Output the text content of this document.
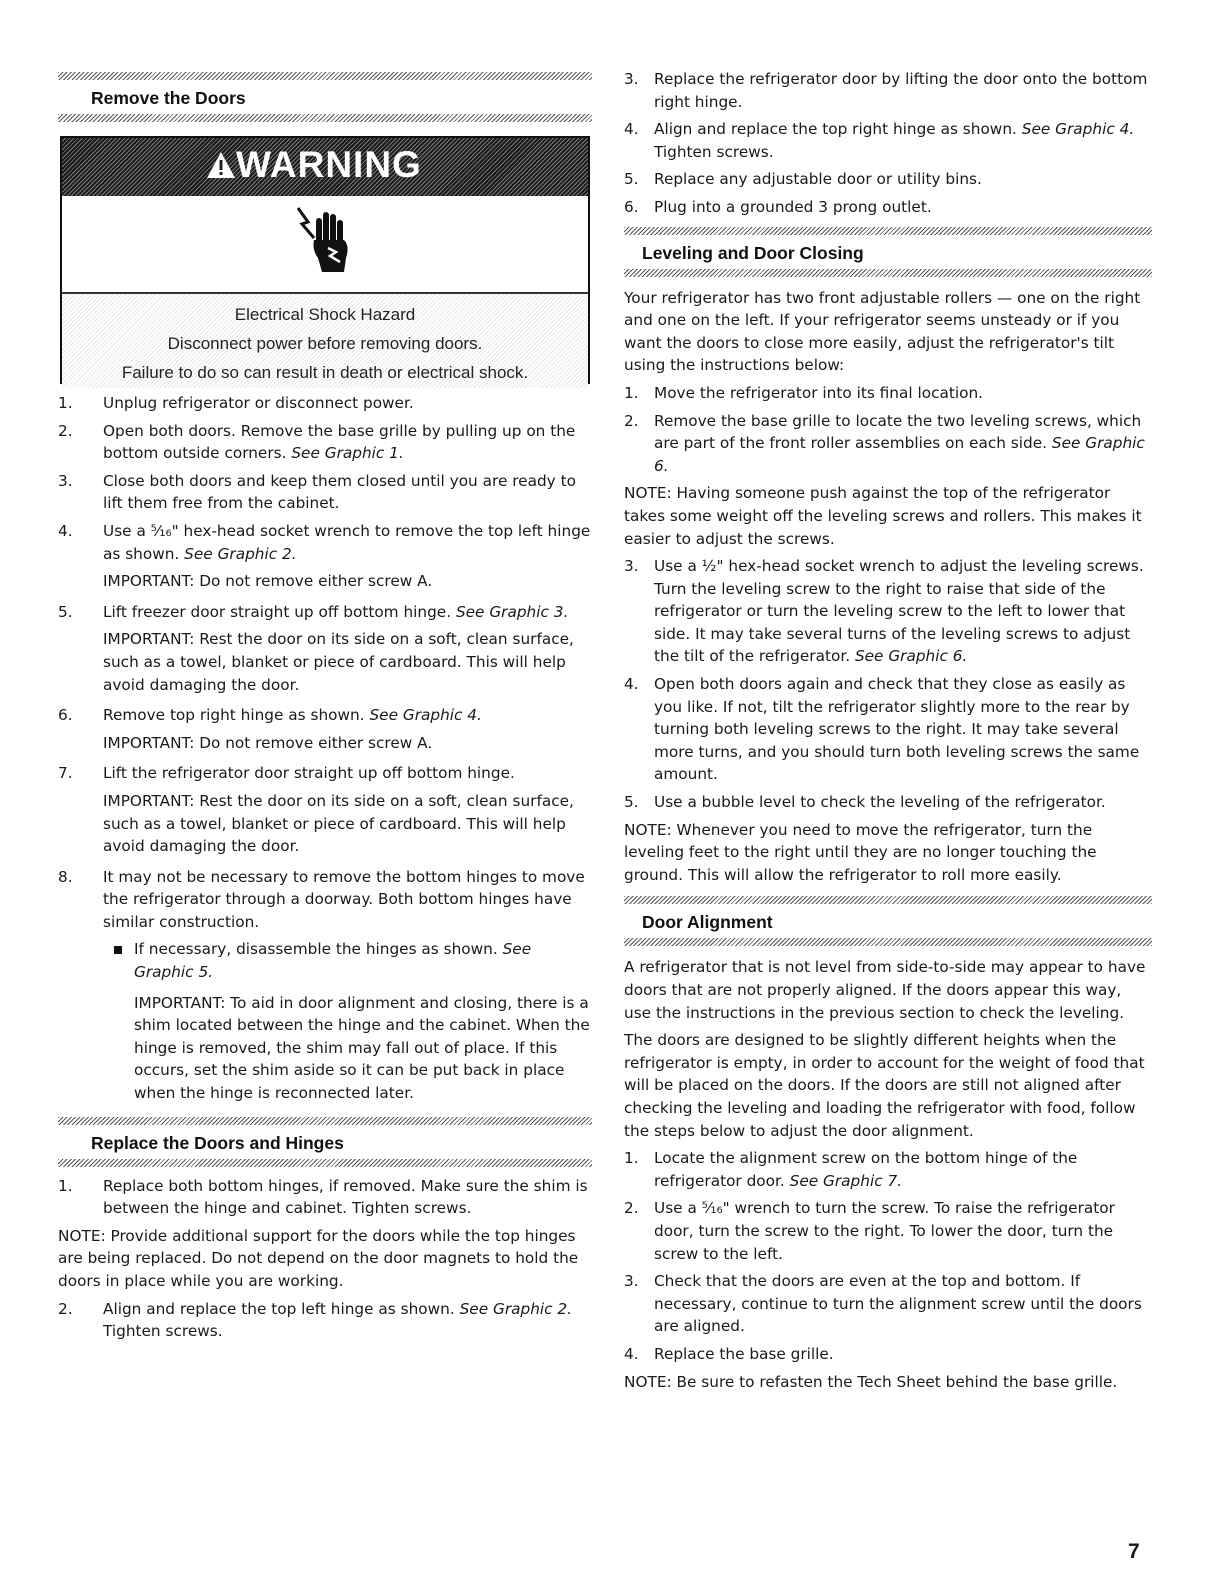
Remove the Doors
WARNING
Electrical Shock Hazard
Disconnect power before removing doors.
Failure to do so can result in death or electrical shock.
1.	Unplug refrigerator or disconnect power.
2.	Open both doors. Remove the base grille by pulling up on the bottom outside corners. See Graphic 1.
3.	Close both doors and keep them closed until you are ready to lift them free from the cabinet.
4.	Use a ⁵⁄₁₆" hex-head socket wrench to remove the top left hinge as shown. See Graphic 2.
IMPORTANT: Do not remove either screw A.
5.	Lift freezer door straight up off bottom hinge. See Graphic 3.
IMPORTANT: Rest the door on its side on a soft, clean surface, such as a towel, blanket or piece of cardboard. This will help avoid damaging the door.
6.	Remove top right hinge as shown. See Graphic 4.
IMPORTANT: Do not remove either screw A.
7.	Lift the refrigerator door straight up off bottom hinge.
IMPORTANT: Rest the door on its side on a soft, clean surface, such as a towel, blanket or piece of cardboard. This will help avoid damaging the door.
8.	It may not be necessary to remove the bottom hinges to move the refrigerator through a doorway. Both bottom hinges have similar construction.
If necessary, disassemble the hinges as shown. See Graphic 5.
IMPORTANT: To aid in door alignment and closing, there is a shim located between the hinge and the cabinet. When the hinge is removed, the shim may fall out of place. If this occurs, set the shim aside so it can be put back in place when the hinge is reconnected later.
Replace the Doors and Hinges
1.	Replace both bottom hinges, if removed. Make sure the shim is between the hinge and cabinet. Tighten screws.

NOTE: Provide additional support for the doors while the top hinges are being replaced. Do not depend on the door magnets to hold the doors in place while you are working.

2.	Align and replace the top left hinge as shown. See Graphic 2. Tighten screws.
3.	Replace the refrigerator door by lifting the door onto the bottom right hinge.
4.	Align and replace the top right hinge as shown. See Graphic 4. Tighten screws.
5.	Replace any adjustable door or utility bins.
6.	Plug into a grounded 3 prong outlet.
Leveling and Door Closing

Your refrigerator has two front adjustable rollers — one on the right and one on the left. If your refrigerator seems unsteady or if you want the doors to close more easily, adjust the refrigerator's tilt using the instructions below:

1.	Move the refrigerator into its final location.
2.	Remove the base grille to locate the two leveling screws, which are part of the front roller assemblies on each side. See Graphic 6.

NOTE: Having someone push against the top of the refrigerator takes some weight off the leveling screws and rollers. This makes it easier to adjust the screws.

3.	Use a ½" hex-head socket wrench to adjust the leveling screws. Turn the leveling screw to the right to raise that side of the refrigerator or turn the leveling screw to the left to lower that side. It may take several turns of the leveling screws to adjust the tilt of the refrigerator. See Graphic 6.
4.	Open both doors again and check that they close as easily as you like. If not, tilt the refrigerator slightly more to the rear by turning both leveling screws to the right. It may take several more turns, and you should turn both leveling screws the same amount.
5.	Use a bubble level to check the leveling of the refrigerator.

NOTE: Whenever you need to move the refrigerator, turn the leveling feet to the right until they are no longer touching the ground. This will allow the refrigerator to roll more easily.

Door Alignment

A refrigerator that is not level from side-to-side may appear to have doors that are not properly aligned. If the doors appear this way, use the instructions in the previous section to check the leveling.

The doors are designed to be slightly different heights when the refrigerator is empty, in order to account for the weight of food that will be placed on the doors. If the doors are still not aligned after checking the leveling and loading the refrigerator with food, follow the steps below to adjust the door alignment.

1.	Locate the alignment screw on the bottom hinge of the refrigerator door. See Graphic 7.
2.	Use a ⁵⁄₁₆" wrench to turn the screw. To raise the refrigerator door, turn the screw to the right. To lower the door, turn the screw to the left.
3.	Check that the doors are even at the top and bottom. If necessary, continue to turn the alignment screw until the doors are aligned.
4.	Replace the base grille.

NOTE: Be sure to refasten the Tech Sheet behind the base grille.

7
